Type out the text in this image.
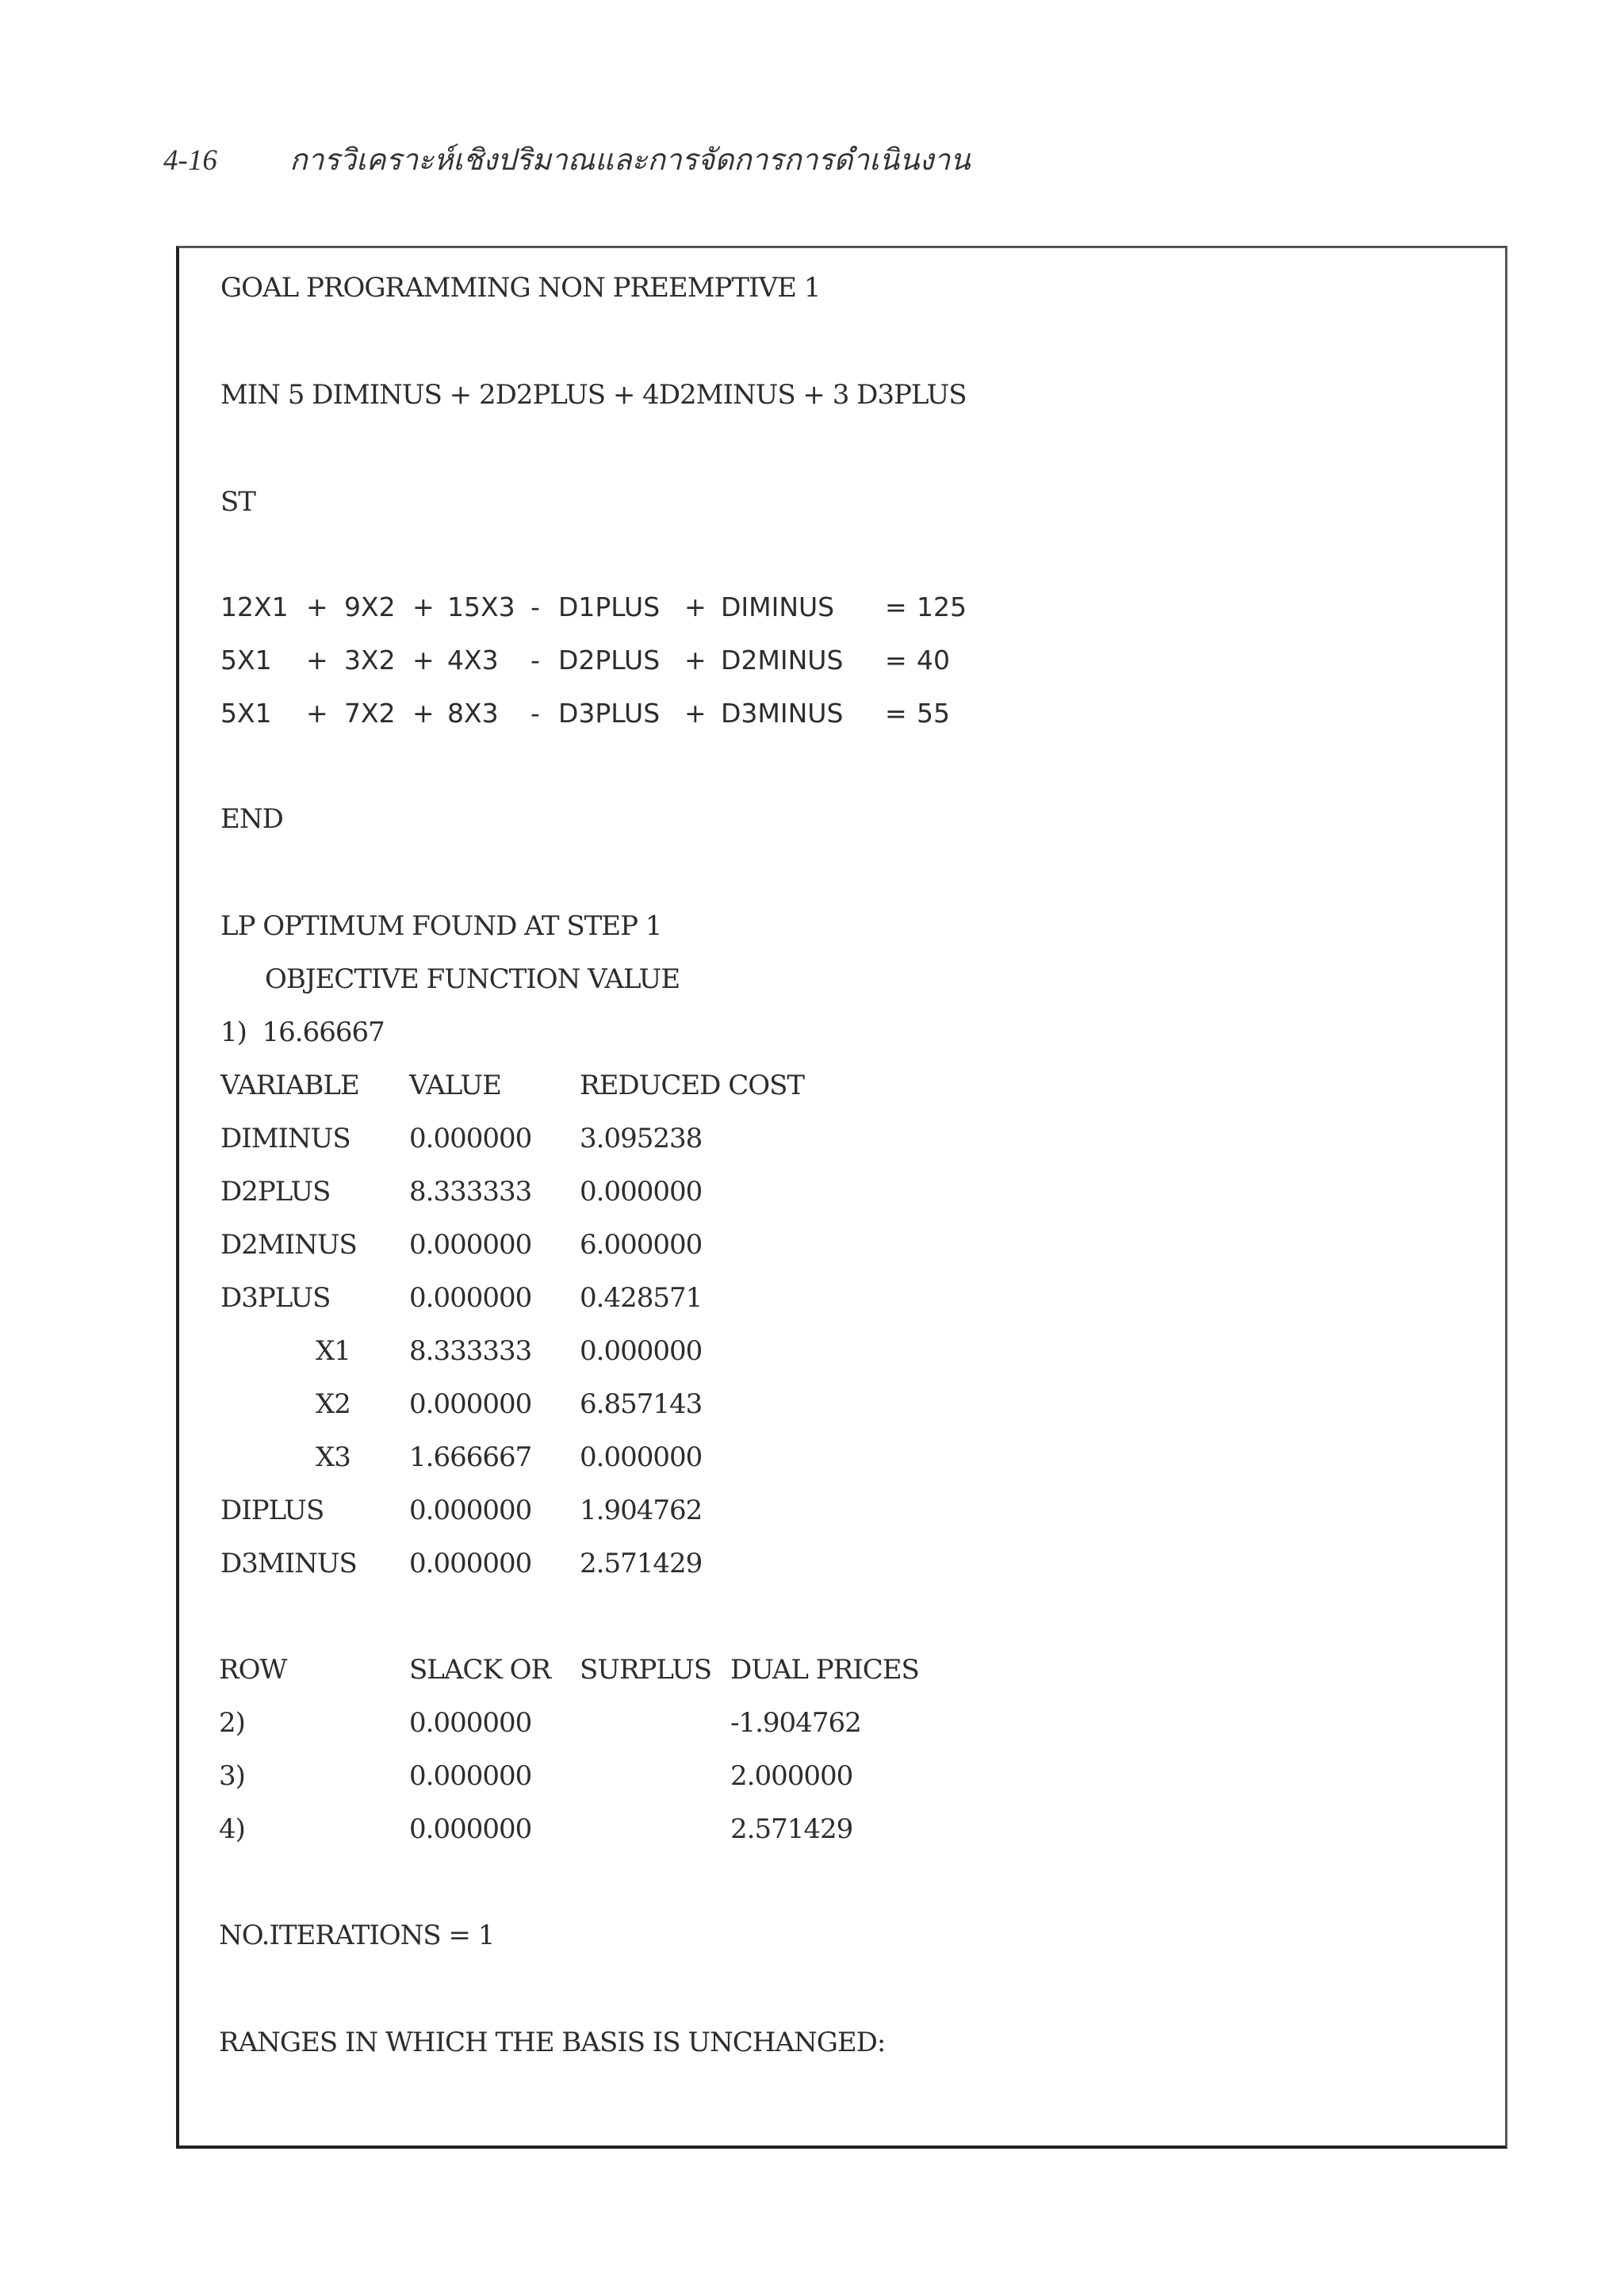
4-16 การวิเคราะห์เชิงปริมาณและการจัดการการดำเนินงาน
GOAL PROGRAMMING NON PREEMPTIVE 1
MIN 5 DIMINUS + 2D2PLUS + 4D2MINUS + 3 D3PLUS
ST
12X1 + 9X2 + 15X3 - D1PLUS + DIMINUS = 125
5X1 + 3X2 + 4X3 - D2PLUS + D2MINUS = 40
5X1 + 7X2 + 8X3 - D3PLUS + D3MINUS = 55
END
LP OPTIMUM FOUND AT STEP 1
OBJECTIVE FUNCTION VALUE
1)  16.66667
VARIABLE VALUE	REDUCED COST
DIMINUS 0.000000 3.095238
D2PLUS	8.333333 0.000000
D2MINUS 0.000000 6.000000
D3PLUS	0.000000 0.428571
X1 8.333333 0.000000
X2 0.000000 6.857143
X3 1.666667 0.000000
DIPLUS	0.000000 1.904762
D3MINUS 0.000000 2.571429
ROW	SLACK OR SURPLUS DUAL PRICES
2)	0.000000	-1.904762
3)	0.000000	2.000000
4)	0.000000	2.571429
NO.ITERATIONS = 1
RANGES IN WHICH THE BASIS IS UNCHANGED:
